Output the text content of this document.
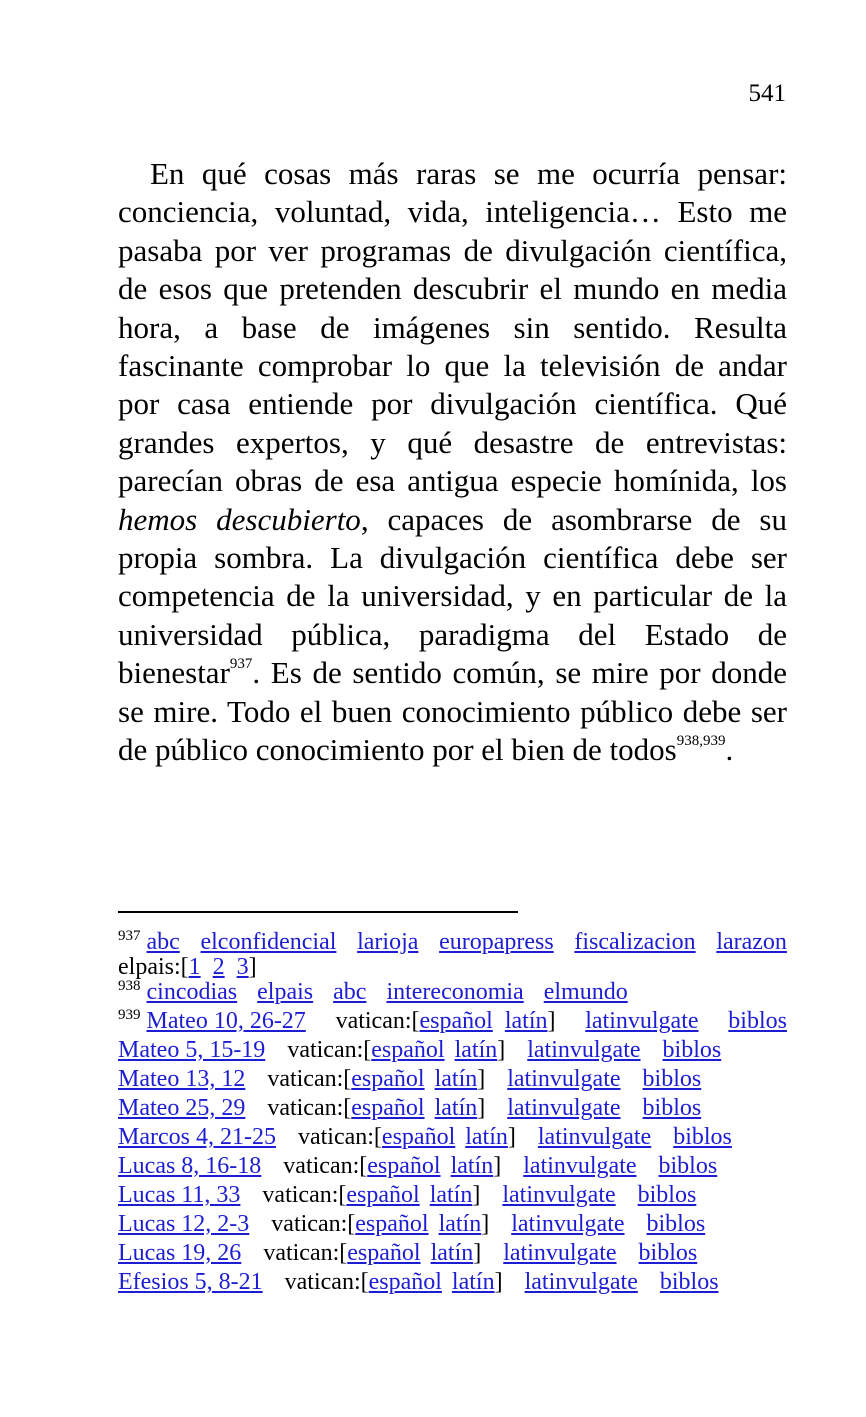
541

En qué cosas más raras se me ocurría pensar: conciencia, voluntad, vida, inteligencia… Esto me pasaba por ver programas de divulgación científica, de esos que pretenden descubrir el mundo en media hora, a base de imágenes sin sentido. Resulta fascinante comprobar lo que la televisión de andar por casa entiende por divulgación científica. Qué grandes expertos, y qué desastre de entrevistas: parecían obras de esa antigua especie homínida, los hemos descubierto, capaces de asombrarse de su propia sombra. La divulgación científica debe ser competencia de la universidad, y en particular de la universidad pública, paradigma del Estado de bienestar$^{937}$. Es de sentido común, se mire por donde se mire. Todo el buen conocimiento público debe ser de público conocimiento por el bien de todos$^{938,939}$.

$^{937}$ abc elconfidencial larioja europapress fiscalizacion larazon
elpais:[1 2 3]
$^{938}$ cincodias elpais abc intereconomia elmundo
$^{939}$ Mateo 10, 26-27 vatican:[español latín] latinvulgate biblos
Mateo 5, 15-19 vatican:[español latín] latinvulgate biblos
Mateo 13, 12 vatican:[español latín] latinvulgate biblos
Mateo 25, 29 vatican:[español latín] latinvulgate biblos
Marcos 4, 21-25 vatican:[español latín] latinvulgate biblos
Lucas 8, 16-18 vatican:[español latín] latinvulgate biblos
Lucas 11, 33 vatican:[español latín] latinvulgate biblos
Lucas 12, 2-3 vatican:[español latín] latinvulgate biblos
Lucas 19, 26 vatican:[español latín] latinvulgate biblos
Efesios 5, 8-21 vatican:[español latín] latinvulgate biblos
